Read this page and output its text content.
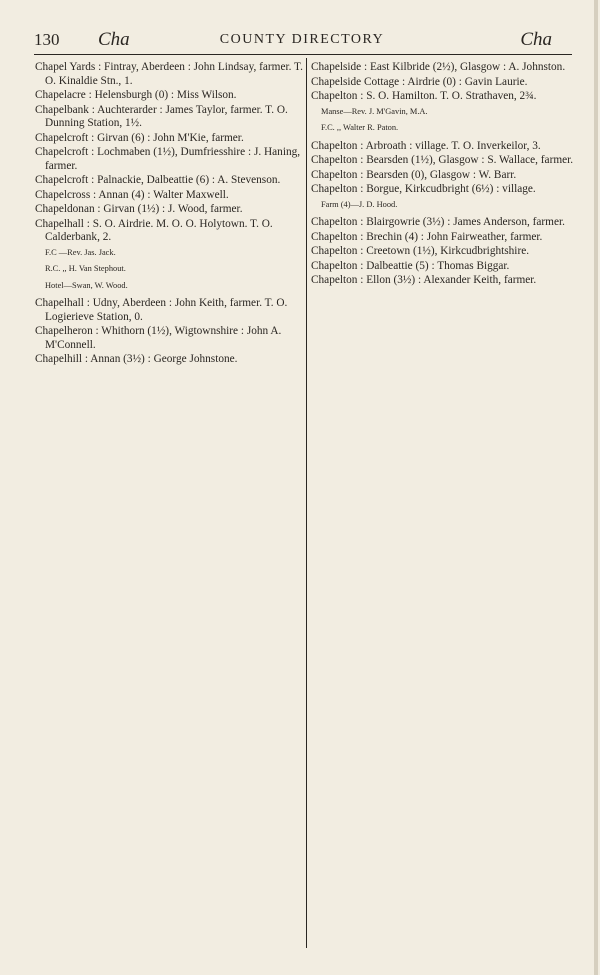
130 Cha	COUNTY DIRECTORY	Cha
Chapel Yards : Fintray, Aberdeen : John Lindsay, farmer. T. O. Kinaldie Stn., 1.
Chapelacre : Helensburgh (0) : Miss Wilson.
Chapelbank : Auchterarder : James Taylor, farmer. T. O. Dunning Station, 1½.
Chapelcroft : Girvan (6) : John M'Kie, farmer.
Chapelcroft : Lochmaben (1½), Dumfriesshire : J. Haning, farmer.
Chapelcroft : Palnackie, Dalbeattie (6) : A. Stevenson.
Chapelcross : Annan (4) : Walter Maxwell.
Chapeldonan : Girvan (1½) : J. Wood, farmer.
Chapelhall : S. O. Airdrie. M. O. O. Holytown. T. O. Calderbank, 2.
F.C —Rev. Jas. Jack.
R.C. ,, H. Van Stephout.
Hotel—Swan, W. Wood.
Chapelhall : Udny, Aberdeen : John Keith, farmer. T. O. Logierieve Station, 0.
Chapelheron : Whithorn (1½), Wigtownshire : John A. M'Connell.
Chapelhill : Annan (3½) : George Johnstone.
Chapelside : East Kilbride (2½), Glasgow : A. Johnston.
Chapelside Cottage : Airdrie (0) : Gavin Laurie.
Chapelton : S. O. Hamilton. T. O. Strathaven, 2¾.
Manse—Rev. J. M'Gavin, M.A.
F.C. ,, Walter R. Paton.
Chapelton : Arbroath : village. T. O. Inverkeilor, 3.
Chapelton : Bearsden (1½), Glasgow : S. Wallace, farmer.
Chapelton : Bearsden (0), Glasgow : W. Barr.
Chapelton : Borgue, Kirkcudbright (6½) : village.
Farm (4)—J. D. Hood.
Chapelton : Blairgowrie (3½) : James Anderson, farmer.
Chapelton : Brechin (4) : John Fairweather, farmer.
Chapelton : Creetown (1½), Kirkcudbrightshire.
Chapelton : Dalbeattie (5) : Thomas Biggar.
Chapelton : Ellon (3½) : Alexander Keith, farmer.
